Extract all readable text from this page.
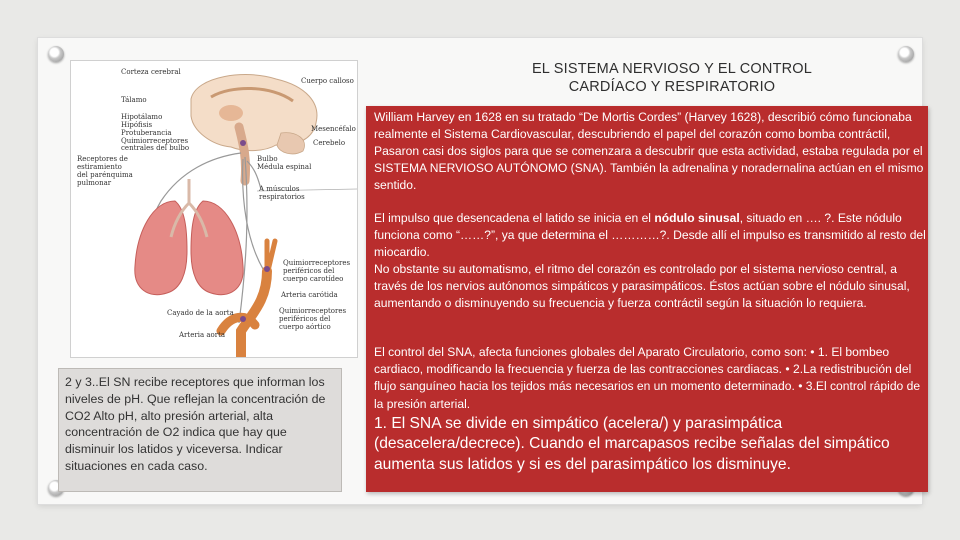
EL SISTEMA NERVIOSO Y EL CONTROL
CARDÍACO Y RESPIRATORIO
Corteza cerebral
Cuerpo calloso
Tálamo
Hipotálamo
Hipófisis
Protuberancia
Quimiorreceptores
centrales del bulbo
Mesencéfalo
Cerebelo
Bulbo
Médula espinal
Receptores de
estiramiento
del parénquima
pulmonar
A músculos
respiratorios
Quimiorreceptores
periféricos del
cuerpo carotídeo
Arteria carótida
Cayado de la aorta	Quimiorreceptores
periféricos del
cuerpo aórtico
Arteria aorta
2 y 3..El SN recibe receptores que informan los niveles de pH. Que reflejan la concentración de CO2 Alto pH, alto presión arterial, alta concentración de O2 indica que hay que disminuir los latidos y viceversa. Indicar situaciones en cada caso.
William Harvey en 1628 en su tratado “De Mortis Cordes” (Harvey 1628), describió cómo funcionaba realmente el Sistema Cardiovascular, descubriendo el papel del corazón como bomba contráctil, Pasaron casi dos siglos para que se comenzara a descubrir que esta actividad, estaba regulada por el SISTEMA NERVIOSO AUTÓNOMO (SNA). También la adrenalina y noradernalina actúan en el mismo sentido.
El impulso que desencadena el latido se inicia en el nódulo sinusal, situado en …. ?. Este nódulo funciona como “……?”, ya que determina el …………?. Desde allí el impulso es transmitido al resto del miocardio.
No obstante su automatismo, el ritmo del corazón es controlado por el sistema nervioso central, a través de los nervios autónomos simpáticos y parasimpáticos. Éstos actúan sobre el nódulo sinusal, aumentando o disminuyendo su frecuencia y fuerza contráctil según la situación lo requiera.
El control del SNA, afecta funciones globales del Aparato Circulatorio, como son: • 1. El bombeo cardiaco, modificando la frecuencia y fuerza de las contracciones cardiacas. • 2.La redistribución del flujo sanguíneo hacia los tejidos más necesarios en un momento determinado. • 3.El control rápido de la presión arterial.
1. El SNA se divide en simpático (acelera/) y parasimpática (desacelera/decrece). Cuando el marcapasos recibe señalas del simpático aumenta sus latidos y si es del parasimpático los disminuye.
